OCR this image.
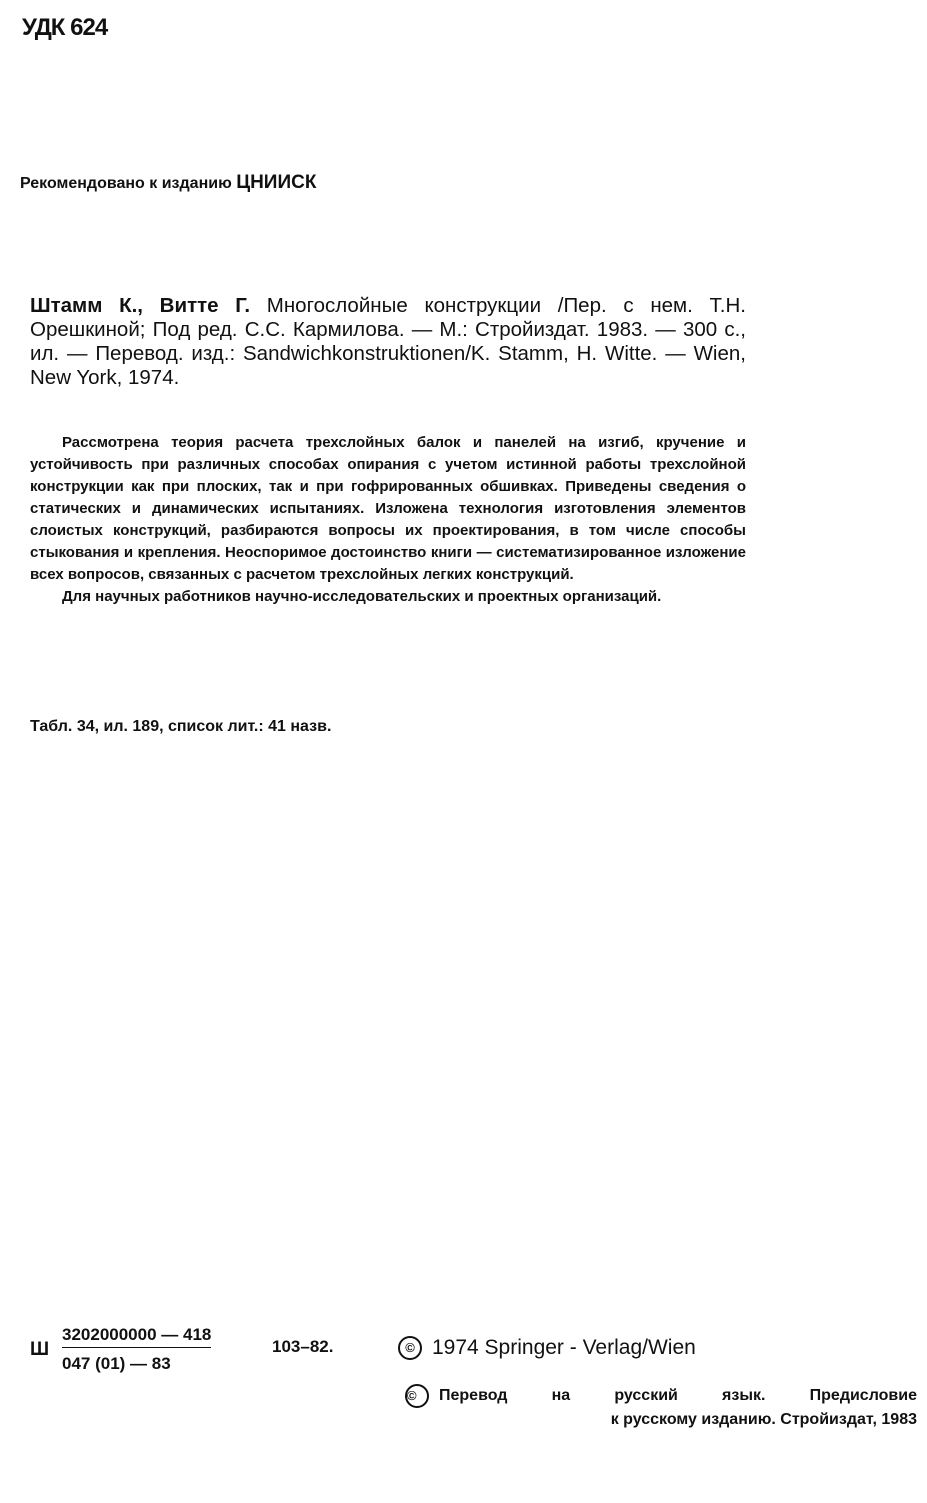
УДК 624
Рекомендовано к изданию ЦНИИСК

Штамм К., Витте Г. Многослойные конструкции /Пер. с нем. Т.Н. Орешкиной; Под ред. С.С. Кармилова. — М.: Стройиздат. 1983. — 300 с., ил. — Перевод. изд.: Sandwichkonstruktionen/K. Stamm, H. Witte. — Wien, New York, 1974.

Рассмотрена теория расчета трехслойных балок и панелей на изгиб, кручение и устойчивость при различных способах опирания с учетом истинной работы трехслойной конструкции как при плоских, так и при гофрированных обшивках. Приведены сведения о статических и динамических испытаниях. Изложена технология изготовления элементов слоистых конструкций, разбираются вопросы их проектирования, в том числе способы стыкования и крепления. Неоспоримое достоинство книги — систематизированное изложение всех вопросов, связанных с расчетом трехслойных легких конструкций.

Для научных работников научно-исследовательских и проектных организаций.

Табл. 34, ил. 189, список лит.: 41 назв.
Ш $\frac{3202000000 — 418}{047 (01) — 83}$	103–82.	© 1974 Springer - Verlag/Wien
© Перевод на русский язык. Предисловие
к русскому изданию. Стройиздат, 1983
